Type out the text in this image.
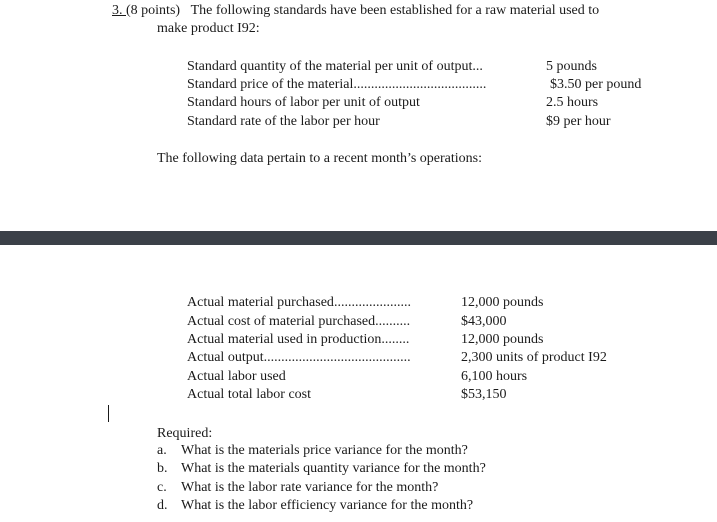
3. (8 points) The following standards have been established for a raw material used to
make product I92:
Standard quantity of the material per unit of output...	5 pounds
Standard price of the material......................................	$3.50 per pound
Standard hours of labor per unit of output	2.5 hours
Standard rate of the labor per hour	$9 per hour
The following data pertain to a recent month’s operations:
Actual material purchased......................	12,000 pounds
Actual cost of material purchased..........	$43,000
Actual material used in production........	12,000 pounds
Actual output..........................................	2,300 units of product I92
Actual labor used	6,100 hours
Actual total labor cost	$53,150
Required:
a. What is the materials price variance for the month?
b. What is the materials quantity variance for the month?
c. What is the labor rate variance for the month?
d. What is the labor efficiency variance for the month?
